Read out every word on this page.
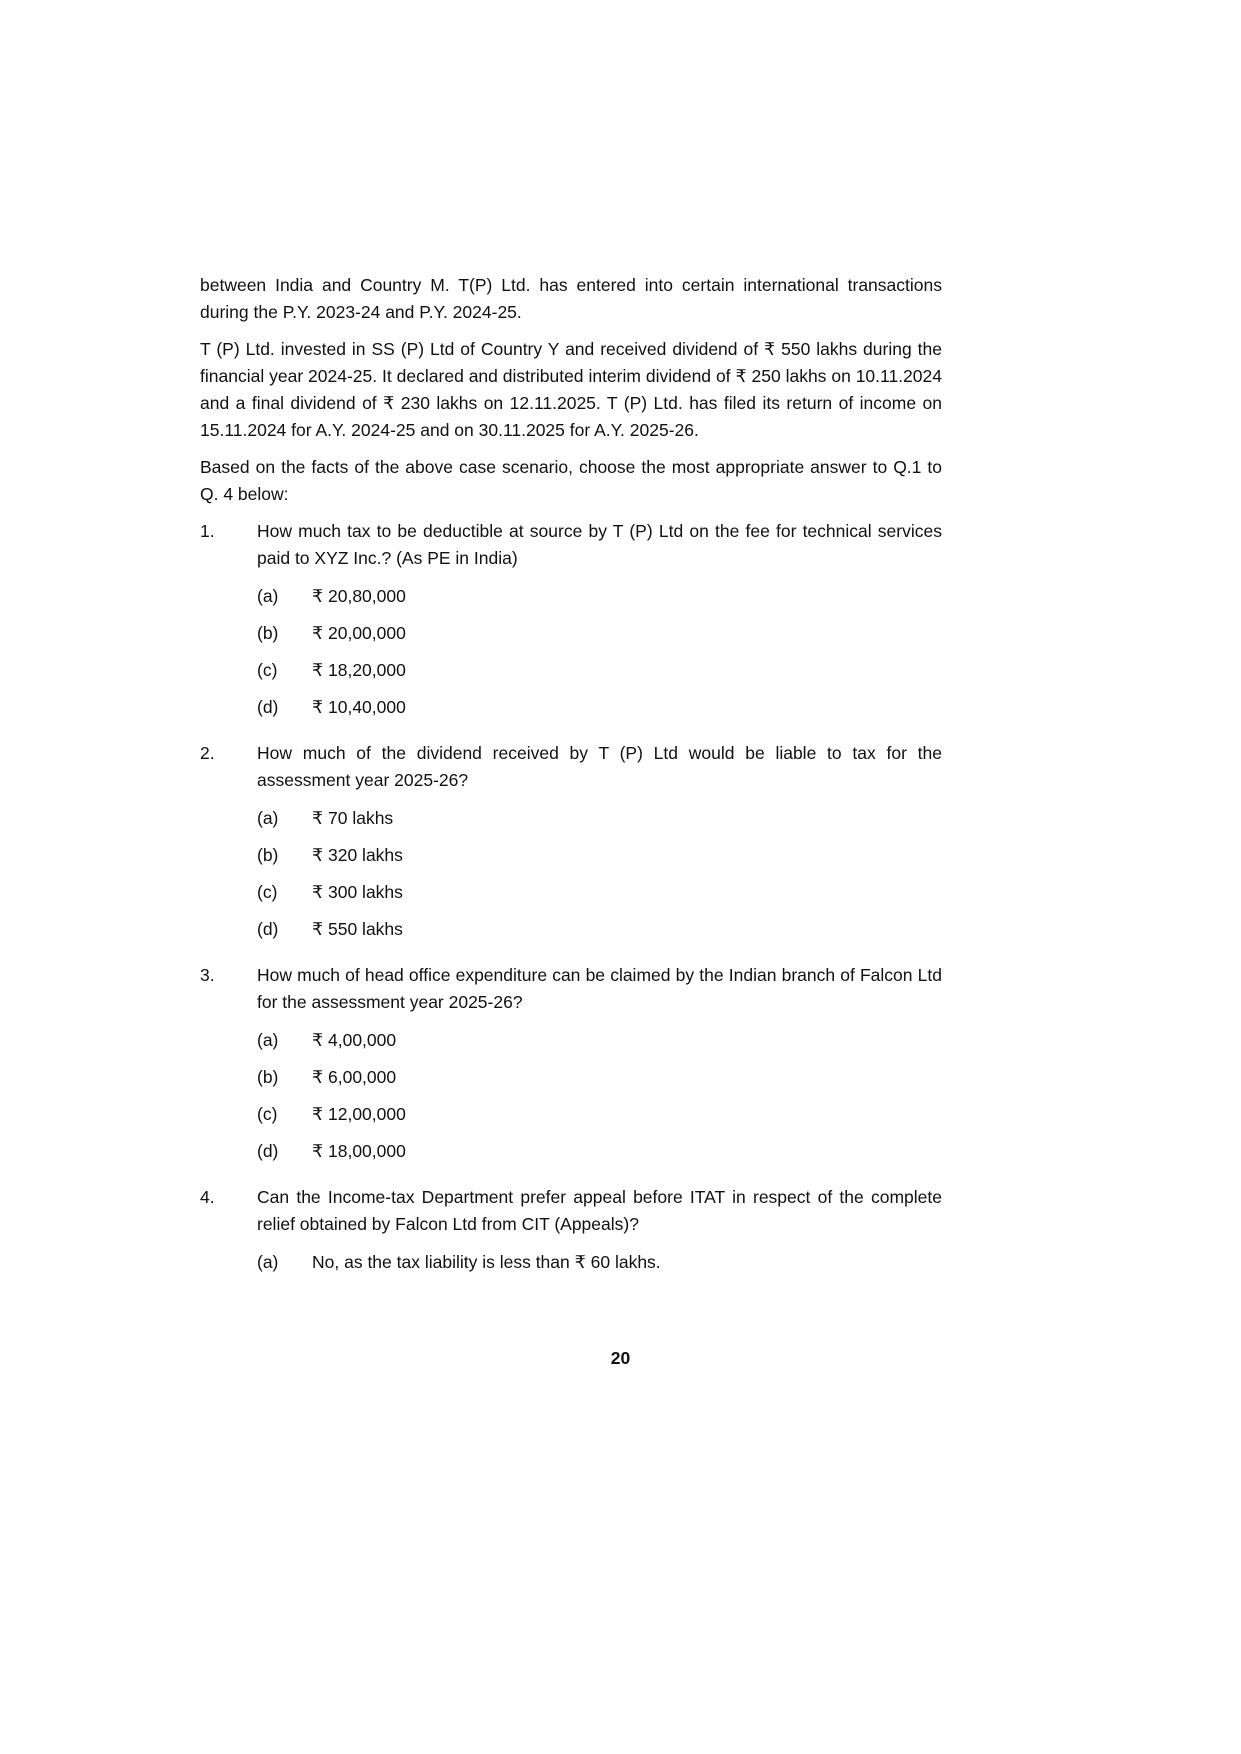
between India and Country M. T(P) Ltd. has entered into certain international transactions during the P.Y. 2023-24 and P.Y. 2024-25.

T (P) Ltd. invested in SS (P) Ltd of Country Y and received dividend of ₹ 550 lakhs during the financial year 2024-25. It declared and distributed interim dividend of ₹ 250 lakhs on 10.11.2024 and a final dividend of ₹ 230 lakhs on 12.11.2025. T (P) Ltd. has filed its return of income on 15.11.2024 for A.Y. 2024-25 and on 30.11.2025 for A.Y. 2025-26.

Based on the facts of the above case scenario, choose the most appropriate answer to Q.1 to Q. 4 below:

1.	How much tax to be deductible at source by T (P) Ltd on the fee for technical services paid to XYZ Inc.? (As PE in India)

(a)	₹ 20,80,000
(b)	₹ 20,00,000
(c)	₹ 18,20,000
(d)	₹ 10,40,000
2.	How much of the dividend received by T (P) Ltd would be liable to tax for the assessment year 2025-26?

(a)	₹ 70 lakhs
(b)	₹ 320 lakhs
(c)	₹ 300 lakhs
(d)	₹ 550 lakhs
3.	How much of head office expenditure can be claimed by the Indian branch of Falcon Ltd for the assessment year 2025-26?

(a)	₹ 4,00,000
(b)	₹ 6,00,000
(c)	₹ 12,00,000
(d)	₹ 18,00,000
4.	Can the Income-tax Department prefer appeal before ITAT in respect of the complete relief obtained by Falcon Ltd from CIT (Appeals)?

(a)	No, as the tax liability is less than ₹ 60 lakhs.
20
